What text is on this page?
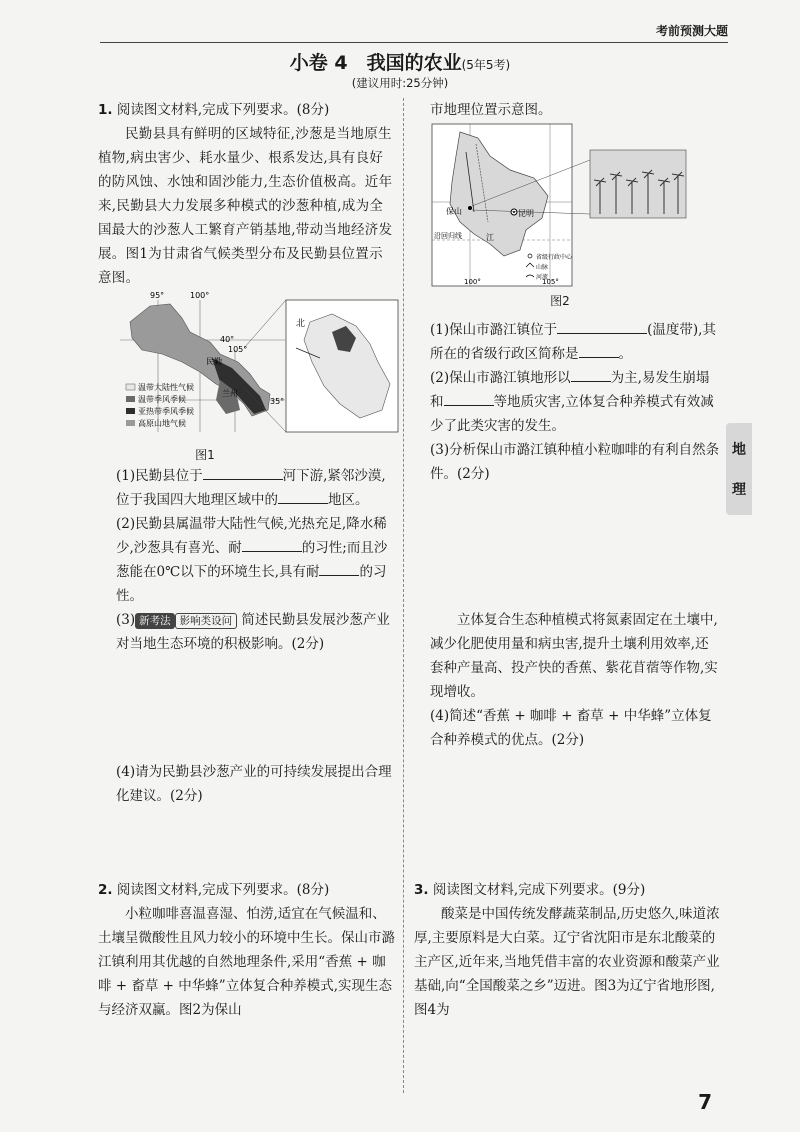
考前预测大题
小卷 4　我国的农业(5年5考)
(建议用时:25分钟)

1. 阅读图文材料,完成下列要求。(8分)

民勤县具有鲜明的区域特征,沙葱是当地原生植物,病虫害少、耗水量少、根系发达,具有良好的防风蚀、水蚀和固沙能力,生态价值极高。近年来,民勤县大力发展多种模式的沙葱种植,成为全国最大的沙葱人工繁育产销基地,带动当地经济发展。图1为甘肃省气候类型分布及民勤县位置示意图。

北
95°	100°
40°
105°
35°
民勤
兰州
温带大陆性气候
温带季风季候
亚热带季风季候
高原山地气候
图1

(1)民勤县位于	河下游,紧邻沙漠,位于我国四大地理区域中的	地区。

(2)民勤县属温带大陆性气候,光热充足,降水稀少,沙葱具有喜光、耐	的习性;而且沙葱能在0℃以下的环境生长,具有耐	的习性。

(3) 新考法 影响类设问 简述民勤县发展沙葱产业对当地生态环境的积极影响。(2分)

(4)请为民勤县沙葱产业的可持续发展提出合理化建议。(2分)

2. 阅读图文材料,完成下列要求。(8分)

小粒咖啡喜温喜湿、怕涝,适宜在气候温和、土壤呈微酸性且风力较小的环境中生长。保山市潞江镇利用其优越的自然地理条件,采用“香蕉 + 咖啡 + 畜草 + 中华蜂”立体复合种养模式,实现生态与经济双赢。图2为保山

市地理位置示意图。

保山	昆明
沿回归线	江
100°	105°
省级行政中心
山脉
河流
图2

(1)保山市潞江镇位于	(温度带),其所在的省级行政区简称是	。

(2)保山市潞江镇地形以	为主,易发生崩塌和	等地质灾害,立体复合种养模式有效减少了此类灾害的发生。

(3)分析保山市潞江镇种植小粒咖啡的有利自然条件。(2分)

立体复合生态种植模式将氮素固定在土壤中,减少化肥使用量和病虫害,提升土壤利用效率,还套种产量高、投产快的香蕉、紫花苜蓿等作物,实现增收。

(4)简述“香蕉 + 咖啡 + 畜草 + 中华蜂”立体复合种养模式的优点。(2分)

3. 阅读图文材料,完成下列要求。(9分)

酸菜是中国传统发酵蔬菜制品,历史悠久,味道浓厚,主要原料是大白菜。辽宁省沈阳市是东北酸菜的主产区,近年来,当地凭借丰富的农业资源和酸菜产业基础,向“全国酸菜之乡”迈进。图3为辽宁省地形图,图4为

地
理
7
